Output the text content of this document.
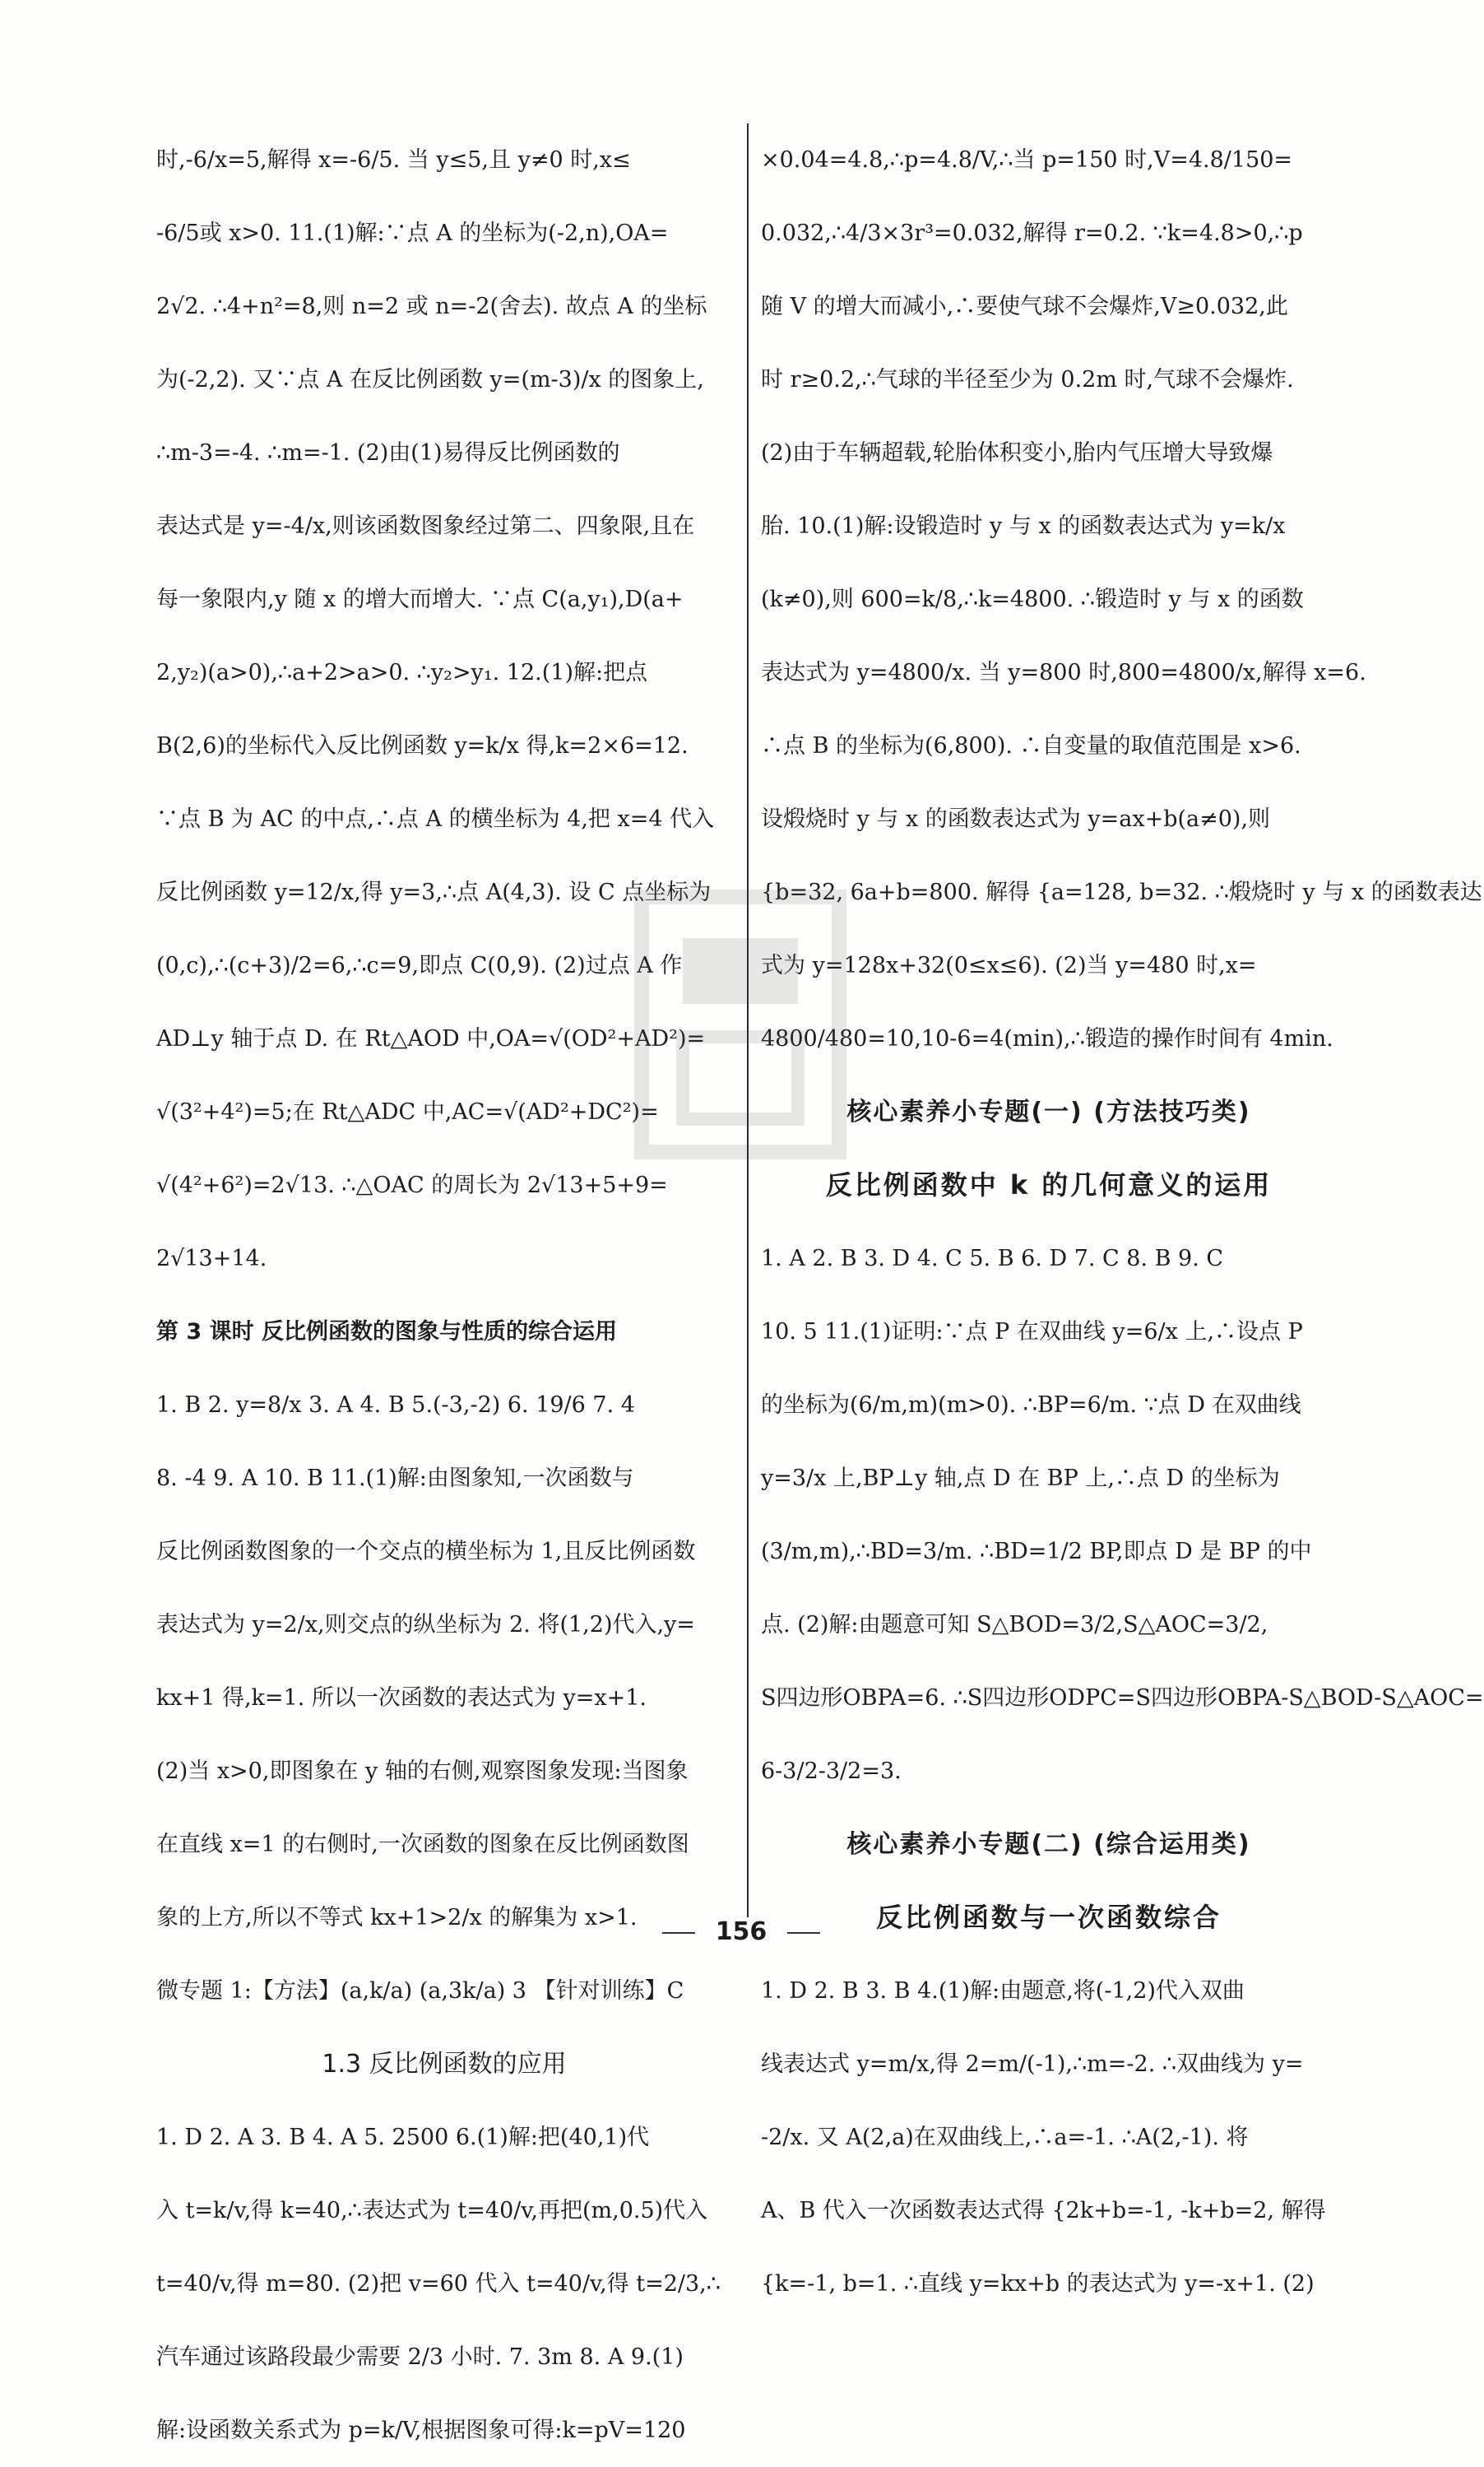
时,-6/x=5,解得 x=-6/5. 当 y≤5,且 y≠0 时,x≤
-6/5或 x>0. 11.(1)解:∵点 A 的坐标为(-2,n),OA=
2√2. ∴4+n²=8,则 n=2 或 n=-2(舍去). 故点 A 的坐标
为(-2,2). 又∵点 A 在反比例函数 y=(m-3)/x 的图象上,
∴m-3=-4. ∴m=-1. (2)由(1)易得反比例函数的
表达式是 y=-4/x,则该函数图象经过第二、四象限,且在
每一象限内,y 随 x 的增大而增大. ∵点 C(a,y₁),D(a+
2,y₂)(a>0),∴a+2>a>0. ∴y₂>y₁. 12.(1)解:把点
B(2,6)的坐标代入反比例函数 y=k/x 得,k=2×6=12.
∵点 B 为 AC 的中点,∴点 A 的横坐标为 4,把 x=4 代入
反比例函数 y=12/x,得 y=3,∴点 A(4,3). 设 C 点坐标为
(0,c),∴(c+3)/2=6,∴c=9,即点 C(0,9). (2)过点 A 作
AD⊥y 轴于点 D. 在 Rt△AOD 中,OA=√(OD²+AD²)=
√(3²+4²)=5;在 Rt△ADC 中,AC=√(AD²+DC²)=
√(4²+6²)=2√13. ∴△OAC 的周长为 2√13+5+9=
2√13+14.
第 3 课时 反比例函数的图象与性质的综合运用
1. B 2. y=8/x 3. A 4. B 5.(-3,-2) 6. 19/6 7. 4
8. -4 9. A 10. B 11.(1)解:由图象知,一次函数与
反比例函数图象的一个交点的横坐标为 1,且反比例函数
表达式为 y=2/x,则交点的纵坐标为 2. 将(1,2)代入,y=
kx+1 得,k=1. 所以一次函数的表达式为 y=x+1.
(2)当 x>0,即图象在 y 轴的右侧,观察图象发现:当图象
在直线 x=1 的右侧时,一次函数的图象在反比例函数图
象的上方,所以不等式 kx+1>2/x 的解集为 x>1.
微专题 1:【方法】(a,k/a) (a,3k/a) 3 【针对训练】C
1.3 反比例函数的应用
1. D 2. A 3. B 4. A 5. 2500 6.(1)解:把(40,1)代
入 t=k/v,得 k=40,∴表达式为 t=40/v,再把(m,0.5)代入
t=40/v,得 m=80. (2)把 v=60 代入 t=40/v,得 t=2/3,∴
汽车通过该路段最少需要 2/3 小时. 7. 3m 8. A 9.(1)
解:设函数关系式为 p=k/V,根据图象可得:k=pV=120
×0.04=4.8,∴p=4.8/V,∴当 p=150 时,V=4.8/150=
0.032,∴4/3×3r³=0.032,解得 r=0.2. ∵k=4.8>0,∴p
随 V 的增大而减小,∴要使气球不会爆炸,V≥0.032,此
时 r≥0.2,∴气球的半径至少为 0.2m 时,气球不会爆炸.
(2)由于车辆超载,轮胎体积变小,胎内气压增大导致爆
胎. 10.(1)解:设锻造时 y 与 x 的函数表达式为 y=k/x
(k≠0),则 600=k/8,∴k=4800. ∴锻造时 y 与 x 的函数
表达式为 y=4800/x. 当 y=800 时,800=4800/x,解得 x=6.
∴点 B 的坐标为(6,800). ∴自变量的取值范围是 x>6.
设煅烧时 y 与 x 的函数表达式为 y=ax+b(a≠0),则
{b=32, 6a+b=800. 解得 {a=128, b=32. ∴煅烧时 y 与 x 的函数表达
式为 y=128x+32(0≤x≤6). (2)当 y=480 时,x=
4800/480=10,10-6=4(min),∴锻造的操作时间有 4min.
核心素养小专题(一) (方法技巧类)
反比例函数中 k 的几何意义的运用
1. A 2. B 3. D 4. C 5. B 6. D 7. C 8. B 9. C
10. 5 11.(1)证明:∵点 P 在双曲线 y=6/x 上,∴设点 P
的坐标为(6/m,m)(m>0). ∴BP=6/m. ∵点 D 在双曲线
y=3/x 上,BP⊥y 轴,点 D 在 BP 上,∴点 D 的坐标为
(3/m,m),∴BD=3/m. ∴BD=1/2 BP,即点 D 是 BP 的中
点. (2)解:由题意可知 S△BOD=3/2,S△AOC=3/2,
S四边形OBPA=6. ∴S四边形ODPC=S四边形OBPA-S△BOD-S△AOC=
6-3/2-3/2=3.
核心素养小专题(二) (综合运用类)
反比例函数与一次函数综合
1. D 2. B 3. B 4.(1)解:由题意,将(-1,2)代入双曲
线表达式 y=m/x,得 2=m/(-1),∴m=-2. ∴双曲线为 y=
-2/x. 又 A(2,a)在双曲线上,∴a=-1. ∴A(2,-1). 将
A、B 代入一次函数表达式得 {2k+b=-1, -k+b=2, 解得
{k=-1, b=1. ∴直线 y=kx+b 的表达式为 y=-x+1. (2)
156
